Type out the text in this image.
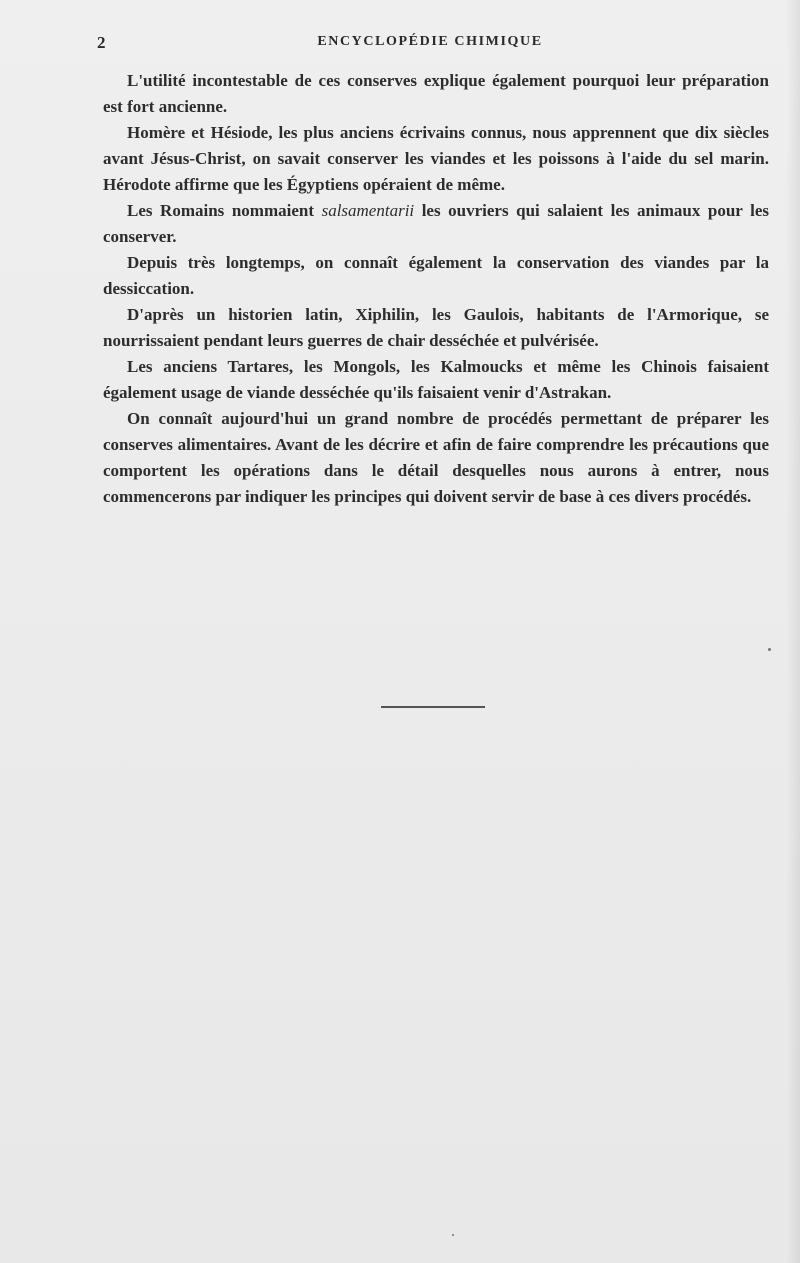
2	ENCYCLOPÉDIE CHIMIQUE

L'utilité incontestable de ces conserves explique également pourquoi leur préparation est fort ancienne.

Homère et Hésiode, les plus anciens écrivains connus, nous apprennent que dix siècles avant Jésus-Christ, on savait conserver les viandes et les poissons à l'aide du sel marin. Hérodote affirme que les Égyptiens opéraient de même.

Les Romains nommaient salsamentarii les ouvriers qui salaient les animaux pour les conserver.

Depuis très longtemps, on connaît également la conservation des viandes par la dessiccation.

D'après un historien latin, Xiphilin, les Gaulois, habitants de l'Armorique, se nourrissaient pendant leurs guerres de chair desséchée et pulvérisée.

Les anciens Tartares, les Mongols, les Kalmoucks et même les Chinois faisaient également usage de viande desséchée qu'ils faisaient venir d'Astrakan.

On connaît aujourd'hui un grand nombre de procédés permettant de préparer les conserves alimentaires. Avant de les décrire et afin de faire comprendre les précautions que comportent les opérations dans le détail desquelles nous aurons à entrer, nous commencerons par indiquer les principes qui doivent servir de base à ces divers procédés.
